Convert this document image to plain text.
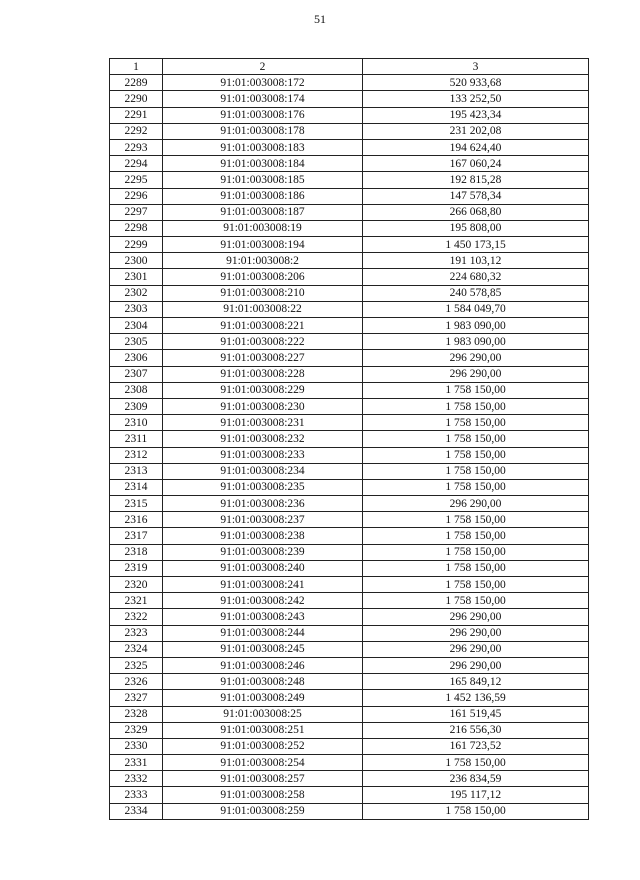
51
1	2	3
2289	91:01:003008:172	520 933,68
2290	91:01:003008:174	133 252,50
2291	91:01:003008:176	195 423,34
2292	91:01:003008:178	231 202,08
2293	91:01:003008:183	194 624,40
2294	91:01:003008:184	167 060,24
2295	91:01:003008:185	192 815,28
2296	91:01:003008:186	147 578,34
2297	91:01:003008:187	266 068,80
2298	91:01:003008:19	195 808,00
2299	91:01:003008:194	1 450 173,15
2300	91:01:003008:2	191 103,12
2301	91:01:003008:206	224 680,32
2302	91:01:003008:210	240 578,85
2303	91:01:003008:22	1 584 049,70
2304	91:01:003008:221	1 983 090,00
2305	91:01:003008:222	1 983 090,00
2306	91:01:003008:227	296 290,00
2307	91:01:003008:228	296 290,00
2308	91:01:003008:229	1 758 150,00
2309	91:01:003008:230	1 758 150,00
2310	91:01:003008:231	1 758 150,00
2311	91:01:003008:232	1 758 150,00
2312	91:01:003008:233	1 758 150,00
2313	91:01:003008:234	1 758 150,00
2314	91:01:003008:235	1 758 150,00
2315	91:01:003008:236	296 290,00
2316	91:01:003008:237	1 758 150,00
2317	91:01:003008:238	1 758 150,00
2318	91:01:003008:239	1 758 150,00
2319	91:01:003008:240	1 758 150,00
2320	91:01:003008:241	1 758 150,00
2321	91:01:003008:242	1 758 150,00
2322	91:01:003008:243	296 290,00
2323	91:01:003008:244	296 290,00
2324	91:01:003008:245	296 290,00
2325	91:01:003008:246	296 290,00
2326	91:01:003008:248	165 849,12
2327	91:01:003008:249	1 452 136,59
2328	91:01:003008:25	161 519,45
2329	91:01:003008:251	216 556,30
2330	91:01:003008:252	161 723,52
2331	91:01:003008:254	1 758 150,00
2332	91:01:003008:257	236 834,59
2333	91:01:003008:258	195 117,12
2334	91:01:003008:259	1 758 150,00
